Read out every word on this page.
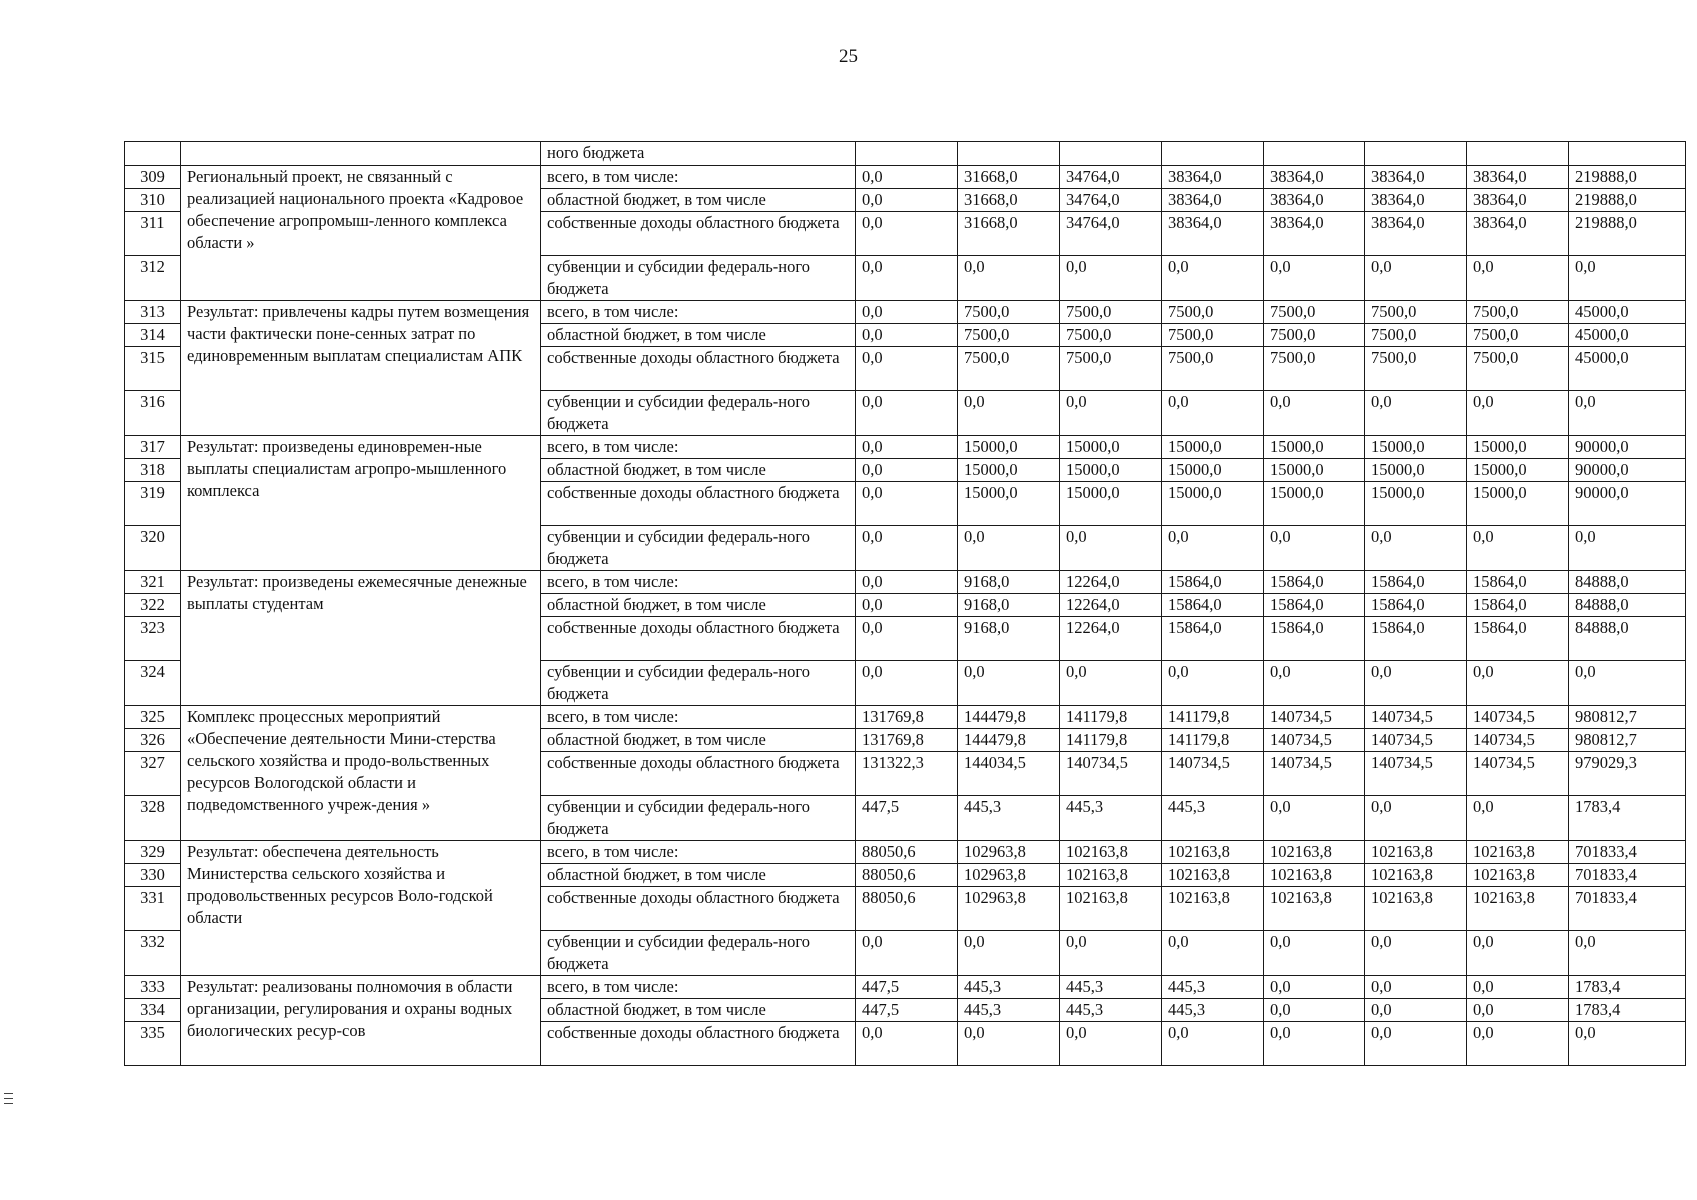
25
		ного бюджета								
309	Региональный проект, не связанный с реализацией национального проекта «Кадровое обеспечение агропромыш-ленного комплекса области »	всего, в том числе:	0,0	31668,0	34764,0	38364,0	38364,0	38364,0	38364,0	219888,0
310		областной бюджет, в том числе	0,0	31668,0	34764,0	38364,0	38364,0	38364,0	38364,0	219888,0
311		собственные доходы областного бюджета	0,0	31668,0	34764,0	38364,0	38364,0	38364,0	38364,0	219888,0
312		субвенции и субсидии федераль-ного бюджета	0,0	0,0	0,0	0,0	0,0	0,0	0,0	0,0
313	Результат: привлечены кадры путем возмещения части фактически поне-сенных затрат по единовременным выплатам специалистам АПК	всего, в том числе:	0,0	7500,0	7500,0	7500,0	7500,0	7500,0	7500,0	45000,0
314		областной бюджет, в том числе	0,0	7500,0	7500,0	7500,0	7500,0	7500,0	7500,0	45000,0
315		собственные доходы областного бюджета	0,0	7500,0	7500,0	7500,0	7500,0	7500,0	7500,0	45000,0
316		субвенции и субсидии федераль-ного бюджета	0,0	0,0	0,0	0,0	0,0	0,0	0,0	0,0
317	Результат: произведены единовремен-ные выплаты специалистам агропро-мышленного комплекса	всего, в том числе:	0,0	15000,0	15000,0	15000,0	15000,0	15000,0	15000,0	90000,0
318		областной бюджет, в том числе	0,0	15000,0	15000,0	15000,0	15000,0	15000,0	15000,0	90000,0
319		собственные доходы областного бюджета	0,0	15000,0	15000,0	15000,0	15000,0	15000,0	15000,0	90000,0
320		субвенции и субсидии федераль-ного бюджета	0,0	0,0	0,0	0,0	0,0	0,0	0,0	0,0
321	Результат: произведены ежемесячные денежные выплаты студентам	всего, в том числе:	0,0	9168,0	12264,0	15864,0	15864,0	15864,0	15864,0	84888,0
322		областной бюджет, в том числе	0,0	9168,0	12264,0	15864,0	15864,0	15864,0	15864,0	84888,0
323		собственные доходы областного бюджета	0,0	9168,0	12264,0	15864,0	15864,0	15864,0	15864,0	84888,0
324		субвенции и субсидии федераль-ного бюджета	0,0	0,0	0,0	0,0	0,0	0,0	0,0	0,0
325	Комплекс процессных мероприятий «Обеспечение деятельности Мини-стерства сельского хозяйства и продо-вольственных ресурсов Вологодской области и подведомственного учреж-дения »	всего, в том числе:	131769,8	144479,8	141179,8	141179,8	140734,5	140734,5	140734,5	980812,7
326		областной бюджет, в том числе	131769,8	144479,8	141179,8	141179,8	140734,5	140734,5	140734,5	980812,7
327		собственные доходы областного бюджета	131322,3	144034,5	140734,5	140734,5	140734,5	140734,5	140734,5	979029,3
328		субвенции и субсидии федераль-ного бюджета	447,5	445,3	445,3	445,3	0,0	0,0	0,0	1783,4
329	Результат: обеспечена деятельность Министерства сельского хозяйства и продовольственных ресурсов Воло-годской области	всего, в том числе:	88050,6	102963,8	102163,8	102163,8	102163,8	102163,8	102163,8	701833,4
330		областной бюджет, в том числе	88050,6	102963,8	102163,8	102163,8	102163,8	102163,8	102163,8	701833,4
331		собственные доходы областного бюджета	88050,6	102963,8	102163,8	102163,8	102163,8	102163,8	102163,8	701833,4
332		субвенции и субсидии федераль-ного бюджета	0,0	0,0	0,0	0,0	0,0	0,0	0,0	0,0
333	Результат: реализованы полномочия в области организации, регулирования и охраны водных биологических ресур-сов	всего, в том числе:	447,5	445,3	445,3	445,3	0,0	0,0	0,0	1783,4
334		областной бюджет, в том числе	447,5	445,3	445,3	445,3	0,0	0,0	0,0	1783,4
335		собственные доходы областного бюджета	0,0	0,0	0,0	0,0	0,0	0,0	0,0	0,0
